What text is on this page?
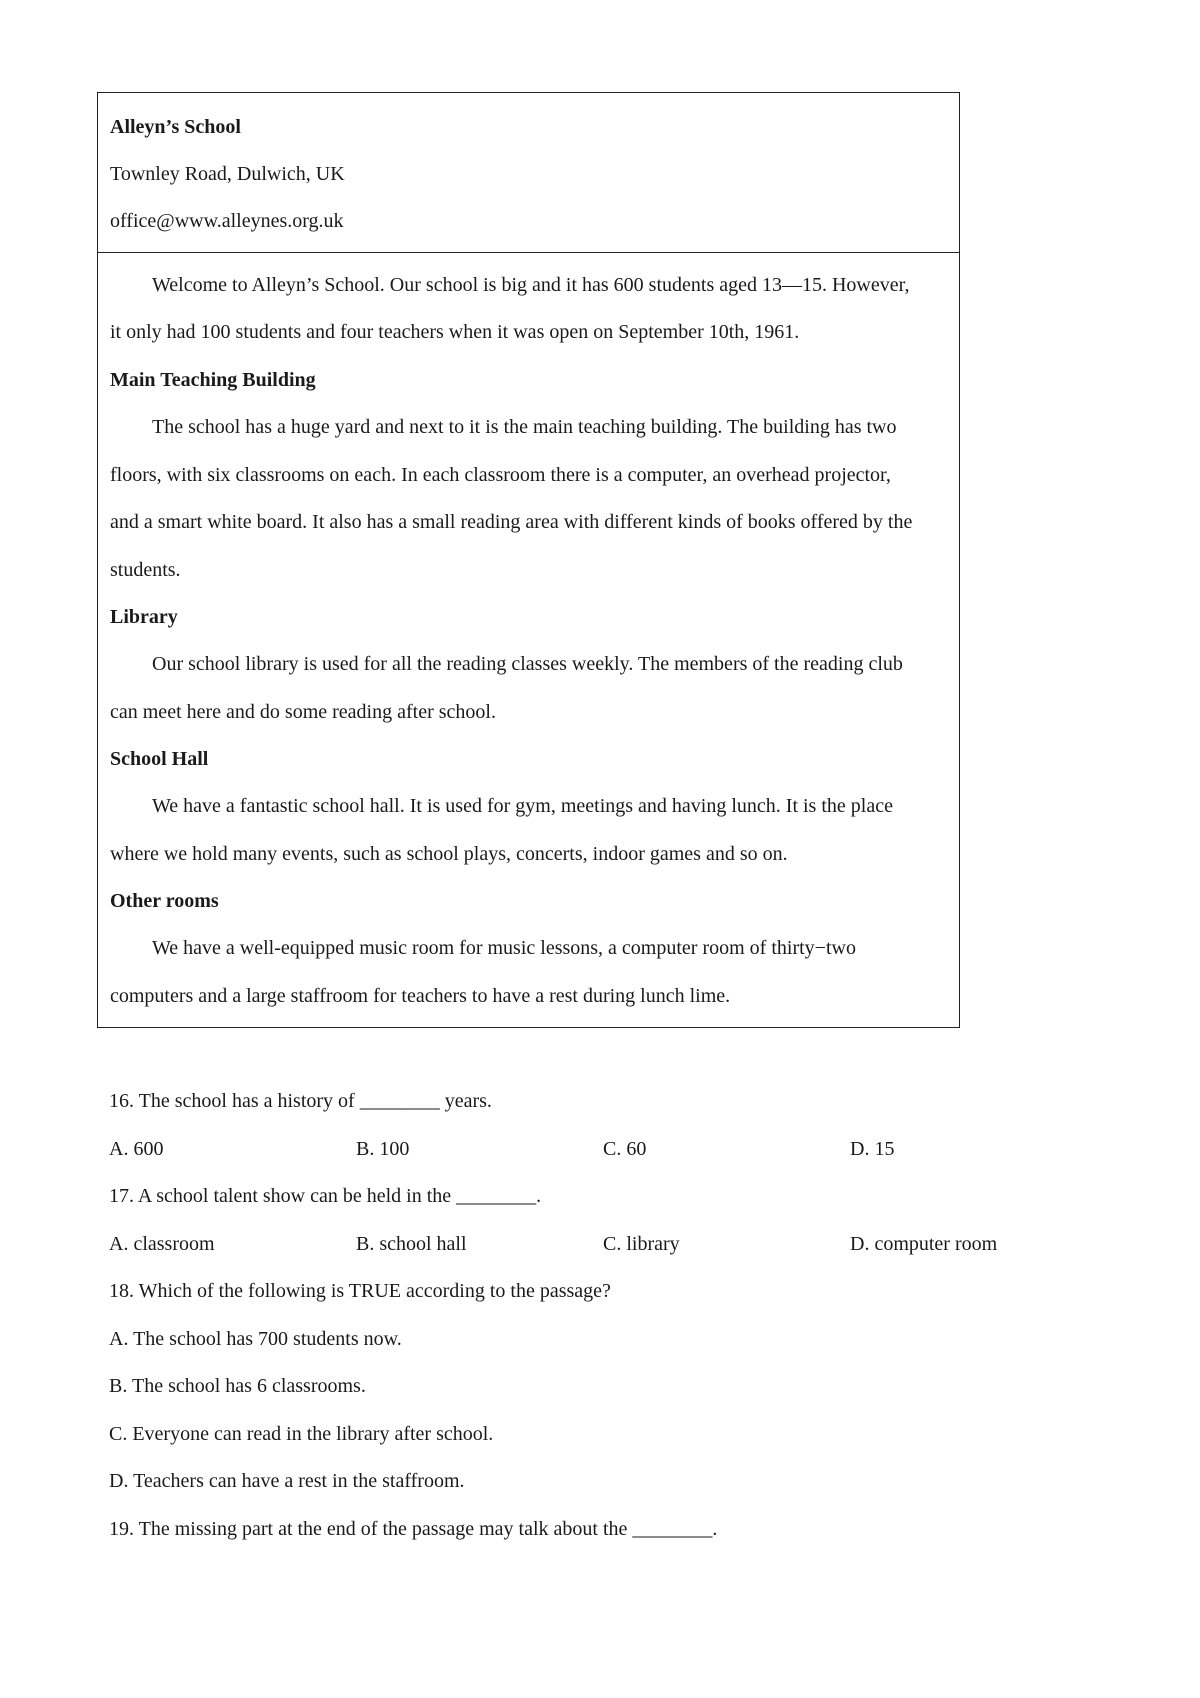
Alleyn’s School
Townley Road, Dulwich, UK
office@www.alleynes.org.uk
Welcome to Alleyn’s School. Our school is big and it has 600 students aged 13—15. However,
it only had 100 students and four teachers when it was open on September 10th, 1961.
Main Teaching Building
The school has a huge yard and next to it is the main teaching building. The building has two
floors, with six classrooms on each. In each classroom there is a computer, an overhead projector,
and a smart white board. It also has a small reading area with different kinds of books offered by the
students.
Library
Our school library is used for all the reading classes weekly. The members of the reading club
can meet here and do some reading after school.
School Hall
We have a fantastic school hall. It is used for gym, meetings and having lunch. It is the place
where we hold many events, such as school plays, concerts, indoor games and so on.
Other rooms
We have a well-equipped music room for music lessons, a computer room of thirty−two
computers and a large staffroom for teachers to have a rest during lunch lime.
16. The school has a history of ________ years.
A. 600	B. 100	C. 60	D. 15
17. A school talent show can be held in the ________.
A. classroom	B. school hall	C. library	D. computer room
18. Which of the following is TRUE according to the passage?
A. The school has 700 students now.
B. The school has 6 classrooms.
C. Everyone can read in the library after school.
D. Teachers can have a rest in the staffroom.
19. The missing part at the end of the passage may talk about the ________.
